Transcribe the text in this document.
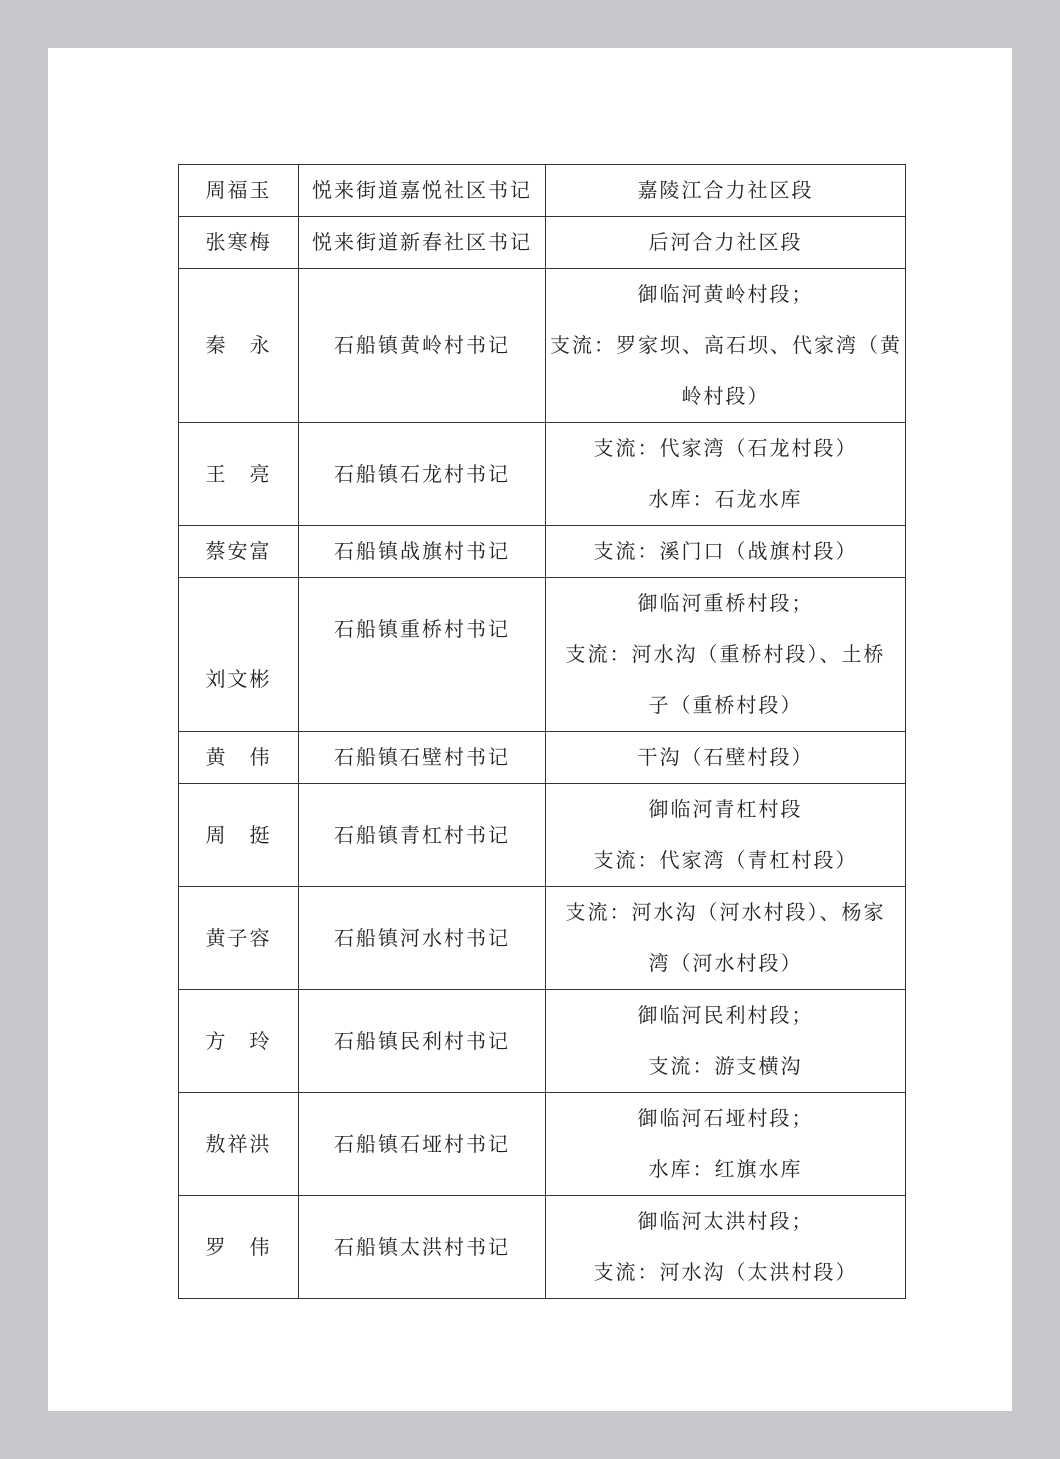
周福玉	悦来街道嘉悦社区书记	嘉陵江合力社区段

张寒梅	悦来街道新春社区书记	后河合力社区段

秦　永	石船镇黄岭村书记	御临河黄岭村段；
支流：罗家坝、高石坝、代家湾（黄
岭村段）

王　亮	石船镇石龙村书记	支流：代家湾（石龙村段）
水库：石龙水库

蔡安富	石船镇战旗村书记	支流：溪门口（战旗村段）

刘文彬	石船镇重桥村书记	御临河重桥村段；
支流：河水沟（重桥村段）、土桥
子（重桥村段）

黄　伟	石船镇石壁村书记	干沟（石壁村段）

周　挺	石船镇青杠村书记	御临河青杠村段
支流：代家湾（青杠村段）

黄子容	石船镇河水村书记	支流：河水沟（河水村段）、杨家
湾（河水村段）

方　玲	石船镇民利村书记	御临河民利村段；
支流：游支横沟

敖祥洪	石船镇石垭村书记	御临河石垭村段；
水库：红旗水库

罗　伟	石船镇太洪村书记	御临河太洪村段；
支流：河水沟（太洪村段）
